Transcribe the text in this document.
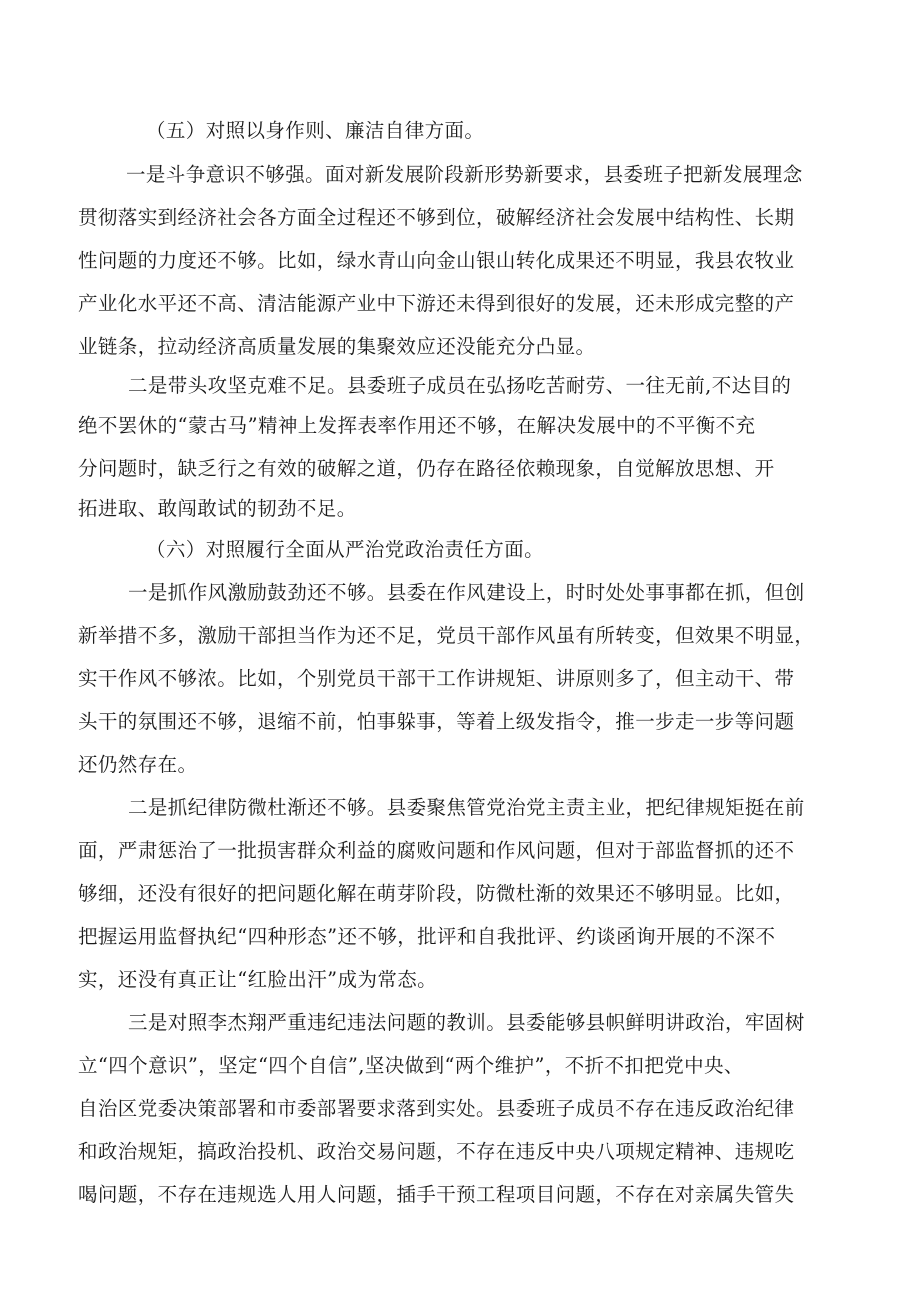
（五）对照以身作则、廉洁自律方面。
一是斗争意识不够强。面对新发展阶段新形势新要求，县委班子把新发展理念
贯彻落实到经济社会各方面全过程还不够到位，破解经济社会发展中结构性、长期
性问题的力度还不够。比如，绿水青山向金山银山转化成果还不明显，我县农牧业
产业化水平还不高、清洁能源产业中下游还未得到很好的发展，还未形成完整的产
业链条，拉动经济高质量发展的集聚效应还没能充分凸显。
二是带头攻坚克难不足。县委班子成员在弘扬吃苦耐劳、一往无前,不达目的
绝不罢休的“蒙古马”精神上发挥表率作用还不够，在解决发展中的不平衡不充
分问题时，缺乏行之有效的破解之道，仍存在路径依赖现象，自觉解放思想、开
拓进取、敢闯敢试的韧劲不足。
（六）对照履行全面从严治党政治责任方面。
一是抓作风激励鼓劲还不够。县委在作风建设上，时时处处事事都在抓，但创
新举措不多，激励干部担当作为还不足，党员干部作风虽有所转变，但效果不明显，
实干作风不够浓。比如，个别党员干部干工作讲规矩、讲原则多了，但主动干、带
头干的氛围还不够，退缩不前，怕事躲事，等着上级发指令，推一步走一步等问题
还仍然存在。
二是抓纪律防微杜渐还不够。县委聚焦管党治党主责主业，把纪律规矩挺在前
面，严肃惩治了一批损害群众利益的腐败问题和作风问题，但对于部监督抓的还不
够细，还没有很好的把问题化解在萌芽阶段，防微杜渐的效果还不够明显。比如，
把握运用监督执纪“四种形态”还不够，批评和自我批评、约谈函询开展的不深不
实，还没有真正让“红脸出汗”成为常态。
三是对照李杰翔严重违纪违法问题的教训。县委能够县帜鲜明讲政治，牢固树
立“四个意识”，坚定“四个自信”,坚决做到“两个维护”，不折不扣把党中央、
自治区党委决策部署和市委部署要求落到实处。县委班子成员不存在违反政治纪律
和政治规矩，搞政治投机、政治交易问题，不存在违反中央八项规定精神、违规吃
喝问题，不存在违规选人用人问题，插手干预工程项目问题，不存在对亲属失管失
